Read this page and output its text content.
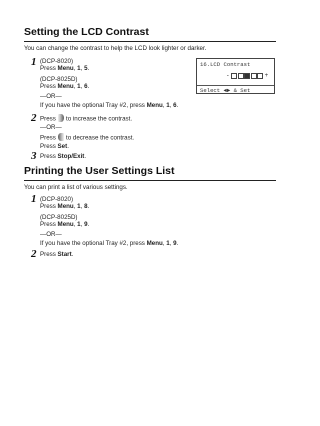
Setting the LCD Contrast
You can change the contrast to help the LCD look lighter or darker.
1 (DCP-8020)
Press Menu, 1, 5.
(DCP-8025D)
Press Menu, 1, 6.
—OR—
If you have the optional Tray #2, press Menu, 1, 6.
16.LCD Contrast
-	+
Select ◄► & Set
2 Press  to increase the contrast.
—OR—
Press  to decrease the contrast.
Press Set.
3 Press Stop/Exit.
Printing the User Settings List
You can print a list of various settings.
1 (DCP-8020)
Press Menu, 1, 8.
(DCP-8025D)
Press Menu, 1, 9.
—OR—
If you have the optional Tray #2, press Menu, 1, 9.
2 Press Start.
